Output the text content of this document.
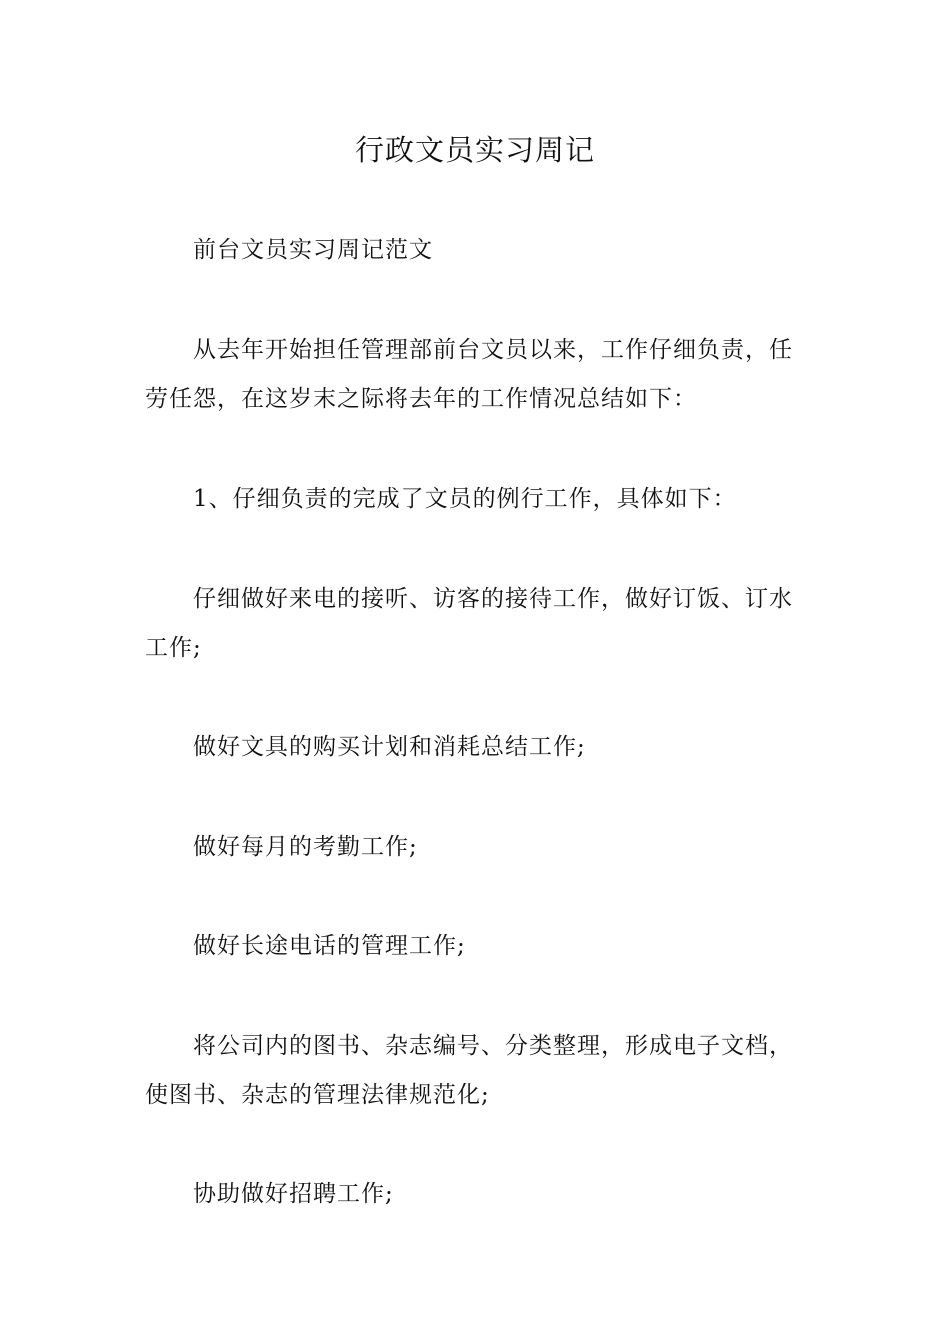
行政文员实习周记

前台文员实习周记范文

从去年开始担任管理部前台文员以来，工作仔细负责，任劳任怨，在这岁末之际将去年的工作情况总结如下：

1、仔细负责的完成了文员的例行工作，具体如下：

仔细做好来电的接听、访客的接待工作，做好订饭、订水工作;

做好文具的购买计划和消耗总结工作;

做好每月的考勤工作;

做好长途电话的管理工作;

将公司内的图书、杂志编号、分类整理，形成电子文档，使图书、杂志的管理法律规范化;

协助做好招聘工作;
